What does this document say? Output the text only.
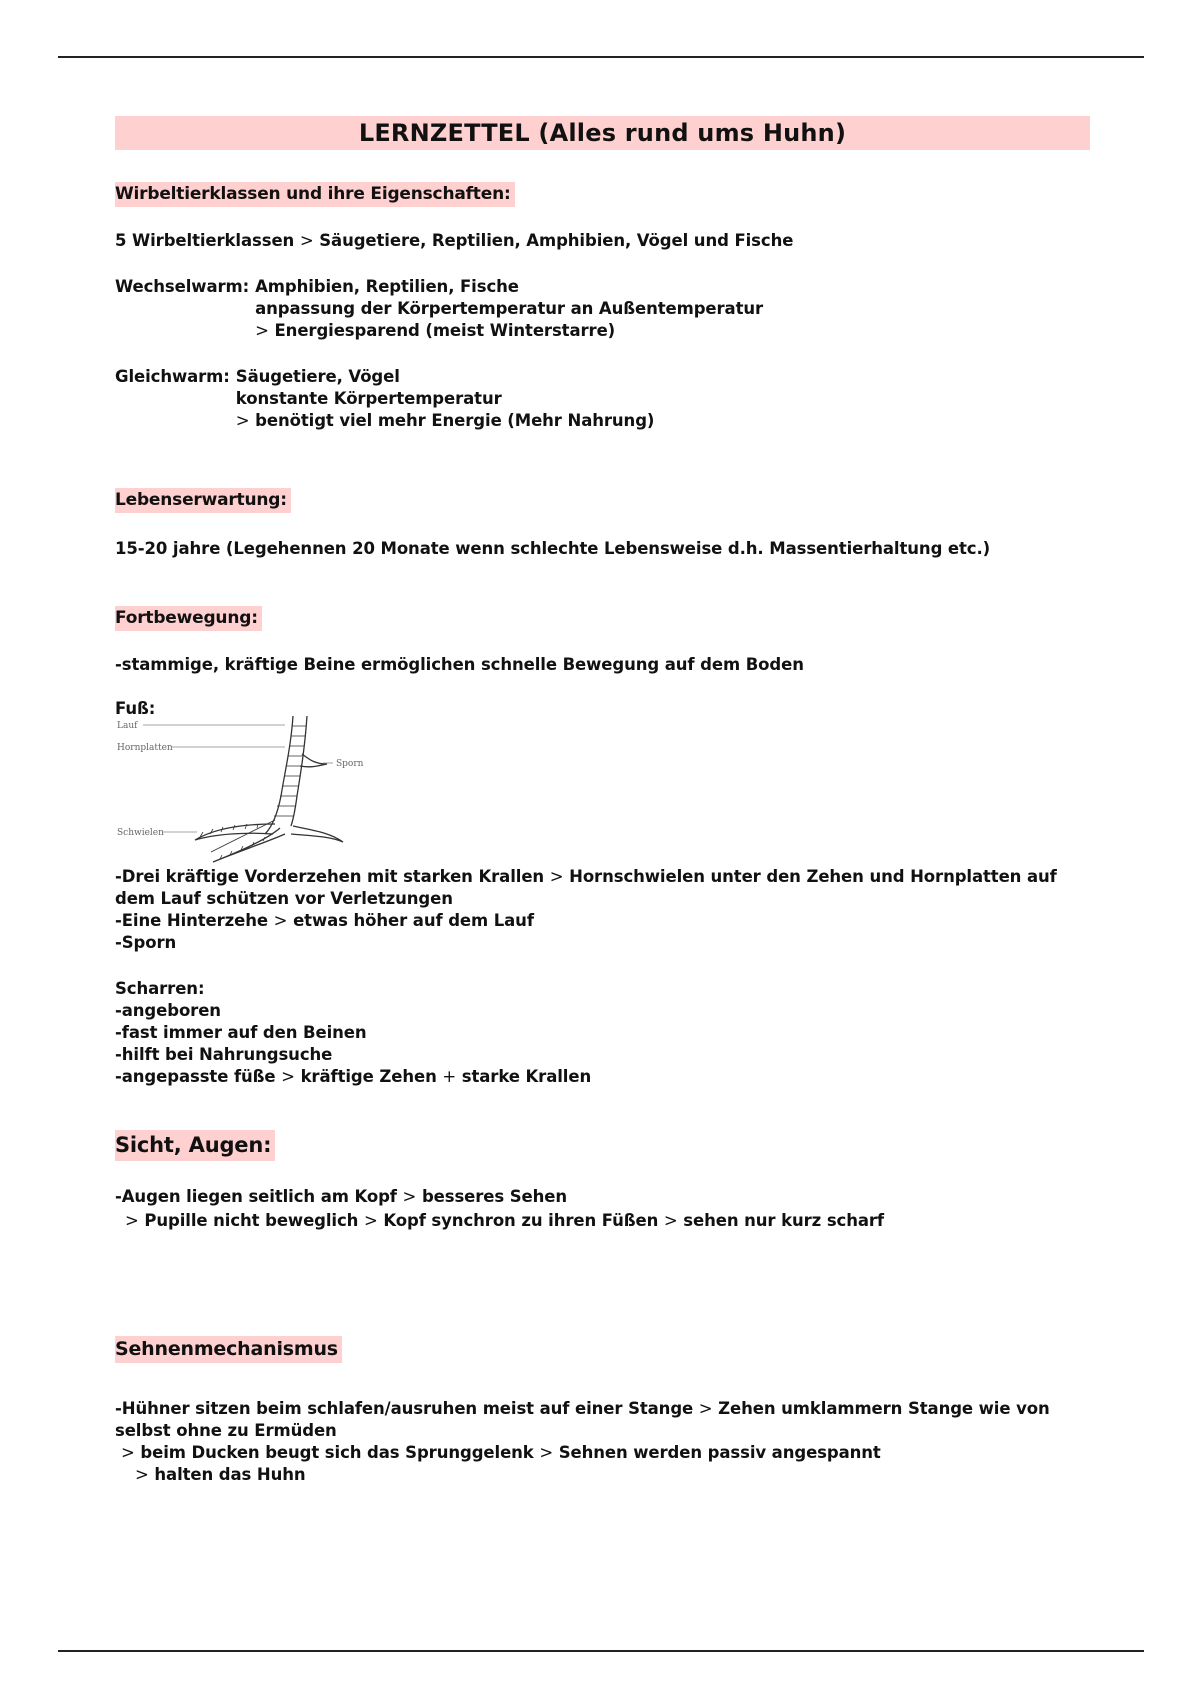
LERNZETTEL (Alles rund ums Huhn)
Wirbeltierklassen und ihre Eigenschaften:
5 Wirbeltierklassen > Säugetiere, Reptilien, Amphibien, Vögel und Fische
Wechselwarm: Amphibien, Reptilien, Fische
anpassung der Körpertemperatur an Außentemperatur
> Energiesparend (meist Winterstarre)
Gleichwarm: Säugetiere, Vögel
konstante Körpertemperatur
> benötigt viel mehr Energie (Mehr Nahrung)
Lebenserwartung:
15-20 jahre (Legehennen 20 Monate wenn schlechte Lebensweise d.h. Massentierhaltung etc.)
Fortbewegung:
-stammige, kräftige Beine ermöglichen schnelle Bewegung auf dem Boden
Fuß:
Lauf
Hornplatten
Sporn
Schwielen
-Drei kräftige Vorderzehen mit starken Krallen > Hornschwielen unter den Zehen und Hornplatten auf dem Lauf schützen vor Verletzungen
-Eine Hinterzehe > etwas höher auf dem Lauf
-Sporn
Scharren:
-angeboren
-fast immer auf den Beinen
-hilft bei Nahrungsuche
-angepasste füße > kräftige Zehen + starke Krallen
Sicht, Augen:
-Augen liegen seitlich am Kopf > besseres Sehen
> Pupille nicht beweglich > Kopf synchron zu ihren Füßen > sehen nur kurz scharf
Sehnenmechanismus
-Hühner sitzen beim schlafen/ausruhen meist auf einer Stange > Zehen umklammern Stange wie von selbst ohne zu Ermüden
> beim Ducken beugt sich das Sprunggelenk > Sehnen werden passiv angespannt
> halten das Huhn
